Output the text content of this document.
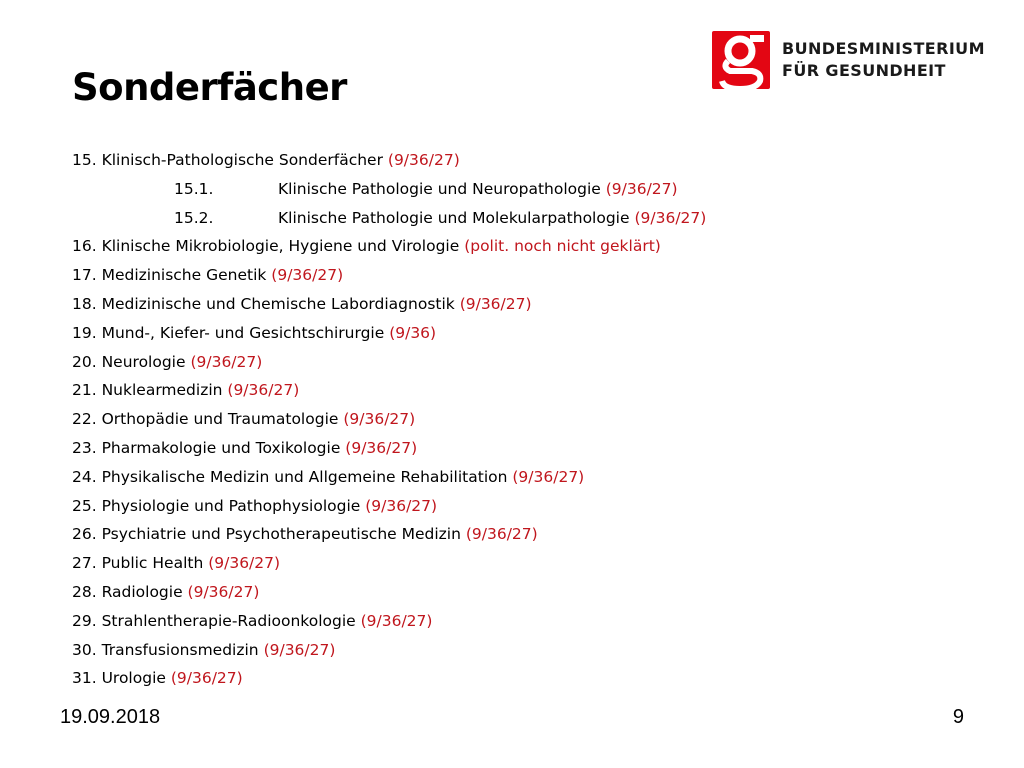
Sonderfächer
BUNDESMINISTERIUM
FÜR GESUNDHEIT
15. Klinisch-Pathologische Sonderfächer (9/36/27)
15.1.	Klinische Pathologie und Neuropathologie (9/36/27)
15.2.	Klinische Pathologie und Molekularpathologie (9/36/27)
16. Klinische Mikrobiologie, Hygiene und Virologie (polit. noch nicht geklärt)
17. Medizinische Genetik (9/36/27)
18. Medizinische und Chemische Labordiagnostik (9/36/27)
19. Mund-, Kiefer- und Gesichtschirurgie (9/36)
20. Neurologie (9/36/27)
21. Nuklearmedizin (9/36/27)
22. Orthopädie und Traumatologie (9/36/27)
23. Pharmakologie und Toxikologie (9/36/27)
24. Physikalische Medizin und Allgemeine Rehabilitation (9/36/27)
25. Physiologie und Pathophysiologie (9/36/27)
26. Psychiatrie und Psychotherapeutische Medizin (9/36/27)
27. Public Health (9/36/27)
28. Radiologie (9/36/27)
29. Strahlentherapie-Radioonkologie (9/36/27)
30. Transfusionsmedizin (9/36/27)
31. Urologie (9/36/27)
19.09.2018	9
